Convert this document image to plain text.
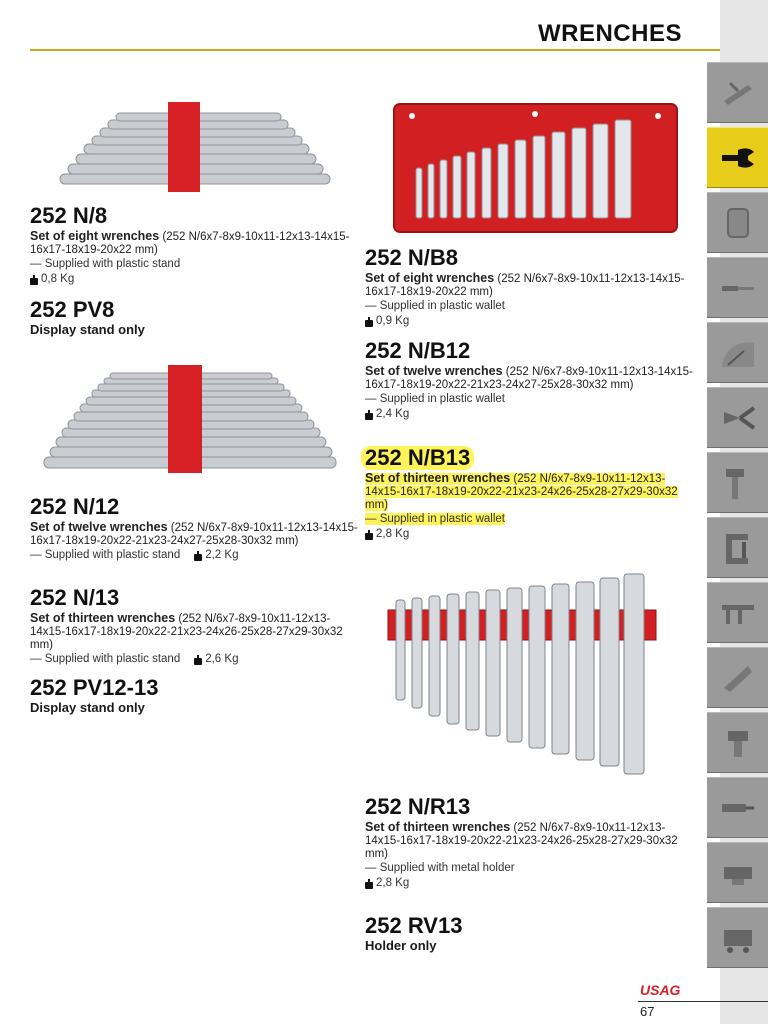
WRENCHES
252 N/8
Set of eight wrenches (252 N/6x7-8x9-10x11-12x13-14x15-16x17-18x19-20x22 mm)
— Supplied with plastic stand
0,8 Kg
252 PV8
Display stand only
252 N/12
Set of twelve wrenches (252 N/6x7-8x9-10x11-12x13-14x15-16x17-18x19-20x22-21x23-24x27-25x28-30x32 mm)
— Supplied with plastic stand 2,2 Kg
252 N/13
Set of thirteen wrenches (252 N/6x7-8x9-10x11-12x13-14x15-16x17-18x19-20x22-21x23-24x26-25x28-27x29-30x32 mm)
— Supplied with plastic stand 2,6 Kg
252 PV12-13
Display stand only
252 N/B8
Set of eight wrenches (252 N/6x7-8x9-10x11-12x13-14x15-16x17-18x19-20x22 mm)
— Supplied in plastic wallet
0,9 Kg
252 N/B12
Set of twelve wrenches (252 N/6x7-8x9-10x11-12x13-14x15-16x17-18x19-20x22-21x23-24x27-25x28-30x32 mm)
— Supplied in plastic wallet
2,4 Kg
252 N/B13
Set of thirteen wrenches (252 N/6x7-8x9-10x11-12x13-14x15-16x17-18x19-20x22-21x23-24x26-25x28-27x29-30x32 mm)
— Supplied in plastic wallet
2,8 Kg
252 N/R13
Set of thirteen wrenches (252 N/6x7-8x9-10x11-12x13-14x15-16x17-18x19-20x22-21x23-24x26-25x28-27x29-30x32 mm)
— Supplied with metal holder
2,8 Kg
252 RV13
Holder only
USAG
67
